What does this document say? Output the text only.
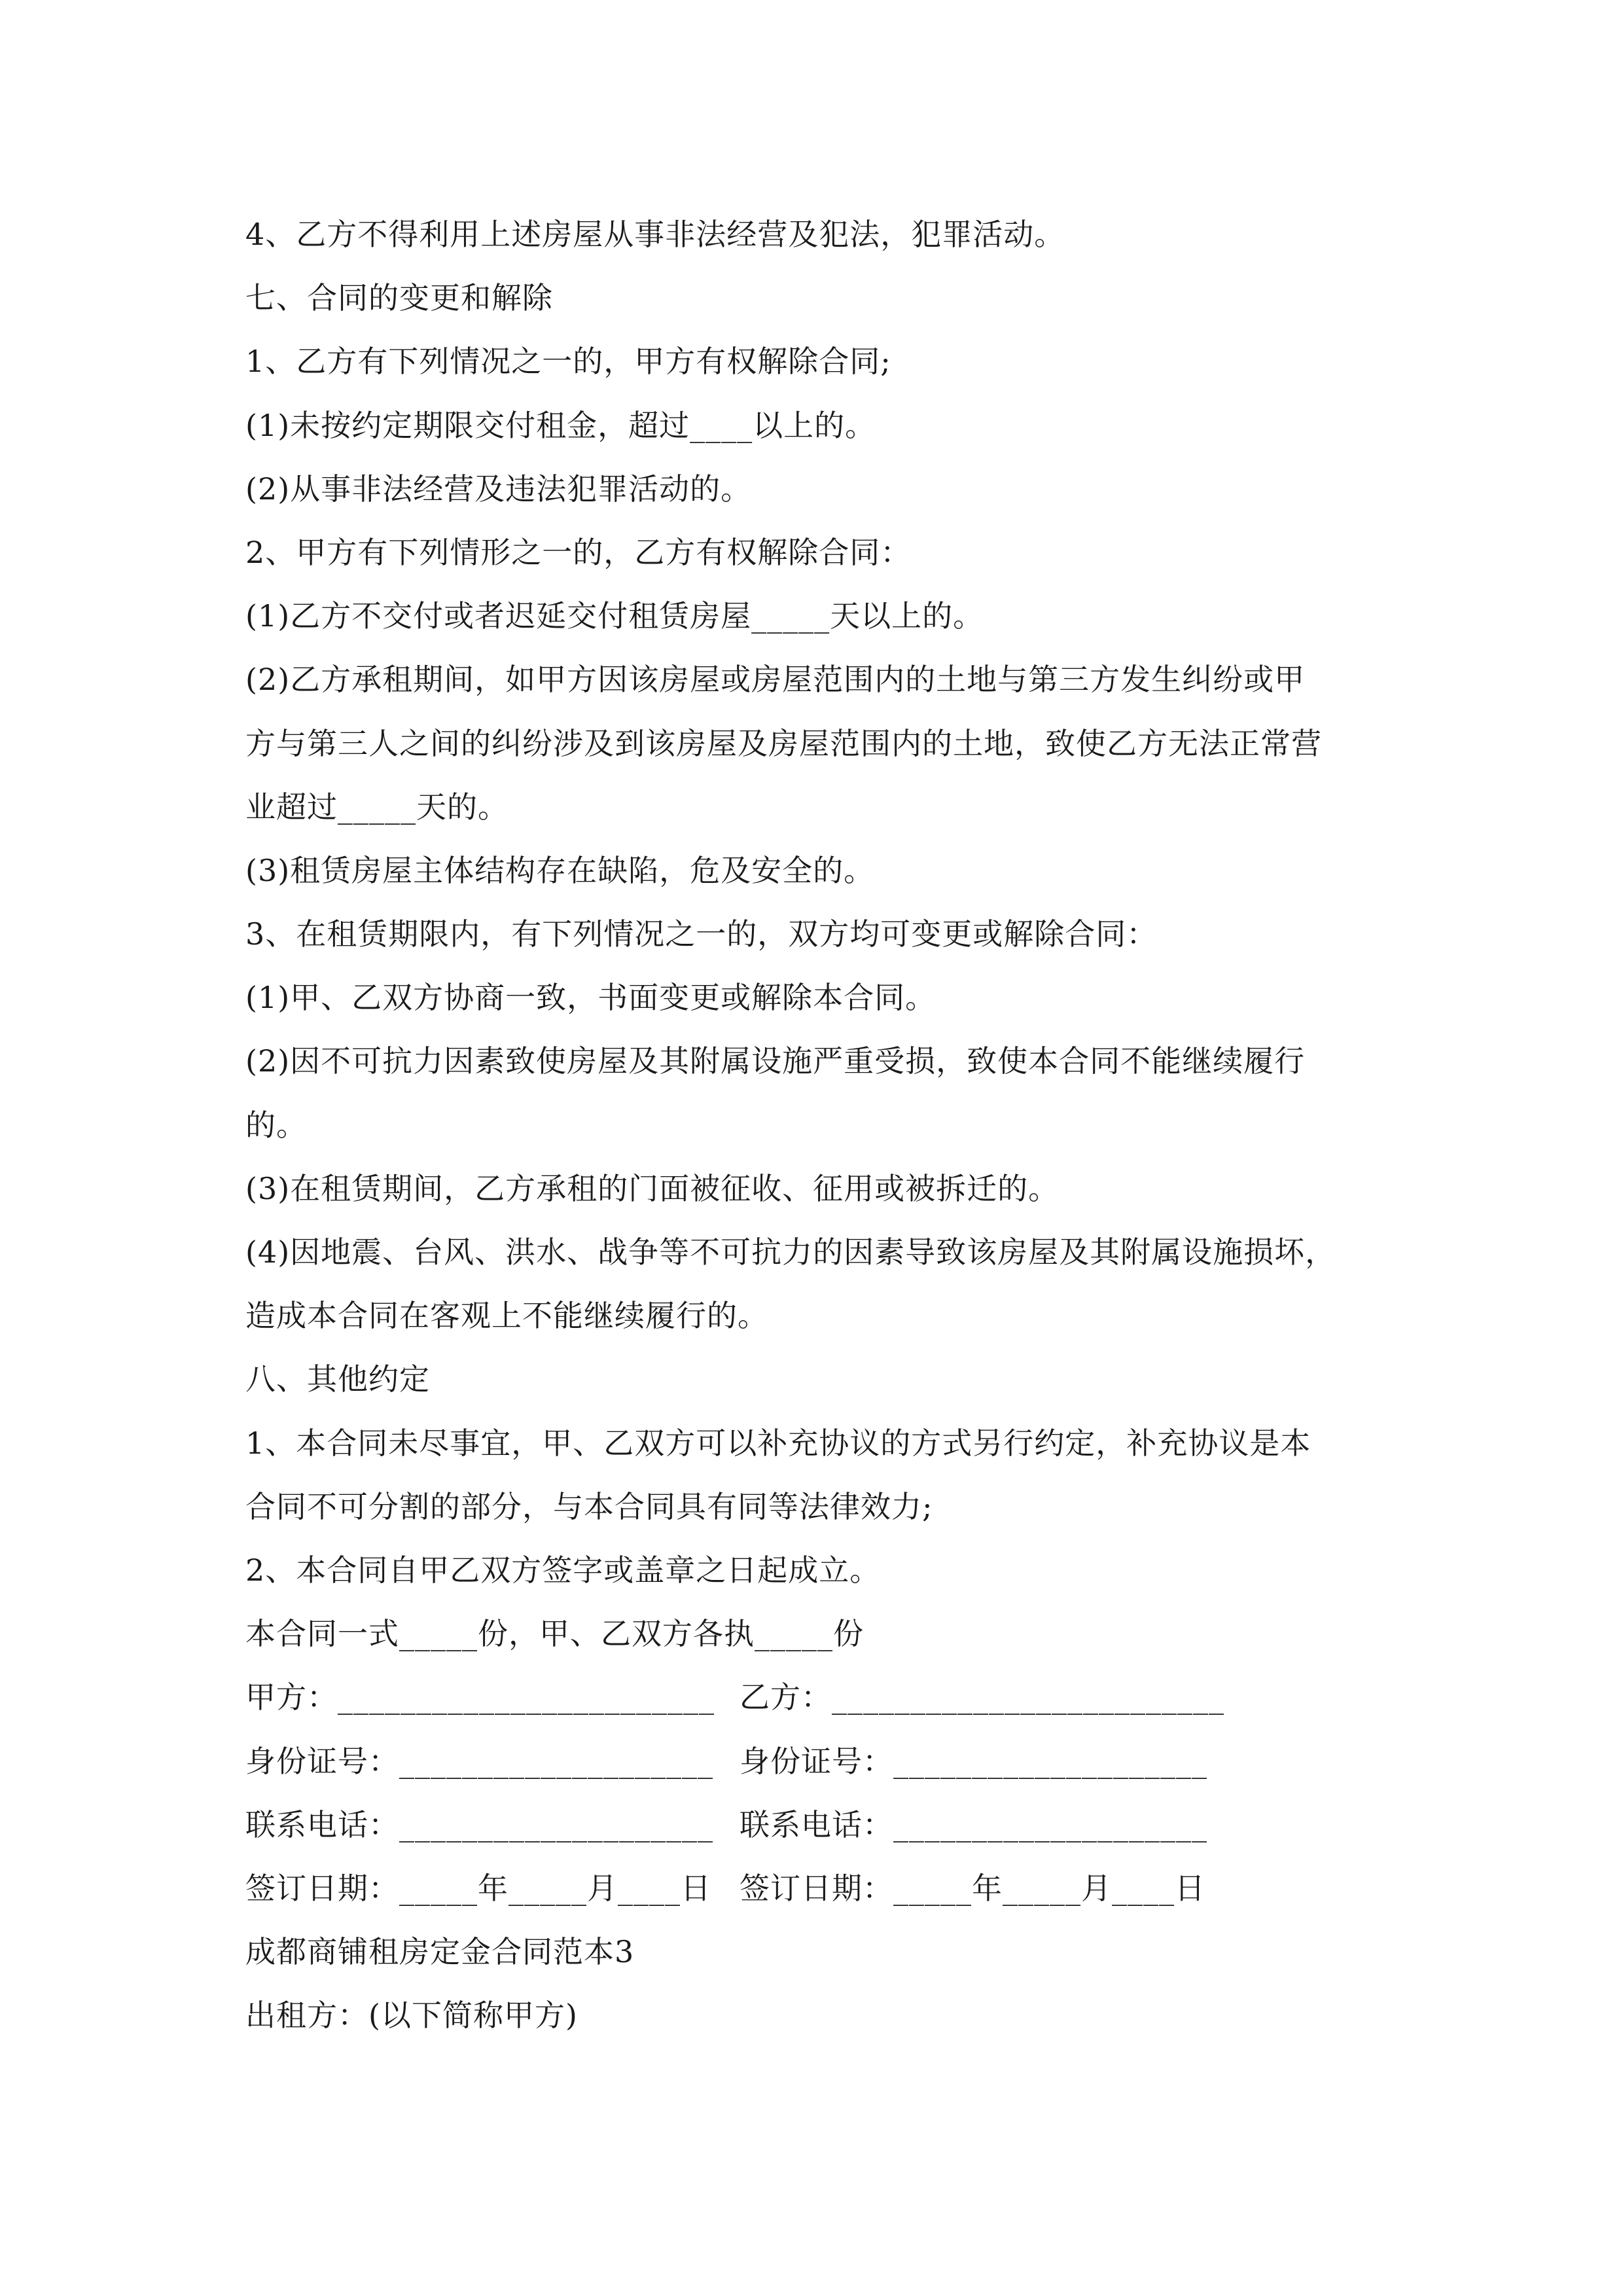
4、乙方不得利用上述房屋从事非法经营及犯法，犯罪活动。
七、合同的变更和解除
1、乙方有下列情况之一的，甲方有权解除合同;
(1)未按约定期限交付租金，超过____以上的。
(2)从事非法经营及违法犯罪活动的。
2、甲方有下列情形之一的，乙方有权解除合同：
(1)乙方不交付或者迟延交付租赁房屋_____天以上的。
(2)乙方承租期间，如甲方因该房屋或房屋范围内的土地与第三方发生纠纷或甲
方与第三人之间的纠纷涉及到该房屋及房屋范围内的土地，致使乙方无法正常营
业超过_____天的。
(3)租赁房屋主体结构存在缺陷，危及安全的。
3、在租赁期限内，有下列情况之一的，双方均可变更或解除合同：
(1)甲、乙双方协商一致，书面变更或解除本合同。
(2)因不可抗力因素致使房屋及其附属设施严重受损，致使本合同不能继续履行
的。
(3)在租赁期间，乙方承租的门面被征收、征用或被拆迁的。
(4)因地震、台风、洪水、战争等不可抗力的因素导致该房屋及其附属设施损坏，
造成本合同在客观上不能继续履行的。
八、其他约定
1、本合同未尽事宜，甲、乙双方可以补充协议的方式另行约定，补充协议是本
合同不可分割的部分，与本合同具有同等法律效力;
2、本合同自甲乙双方签字或盖章之日起成立。
本合同一式_____份，甲、乙双方各执_____份
甲方：________________________ 乙方：_________________________
身份证号：____________________ 身份证号：____________________
联系电话：____________________ 联系电话：____________________
签订日期：_____年_____月____日 签订日期：_____年_____月____日
成都商铺租房定金合同范本3
出租方：(以下简称甲方)
